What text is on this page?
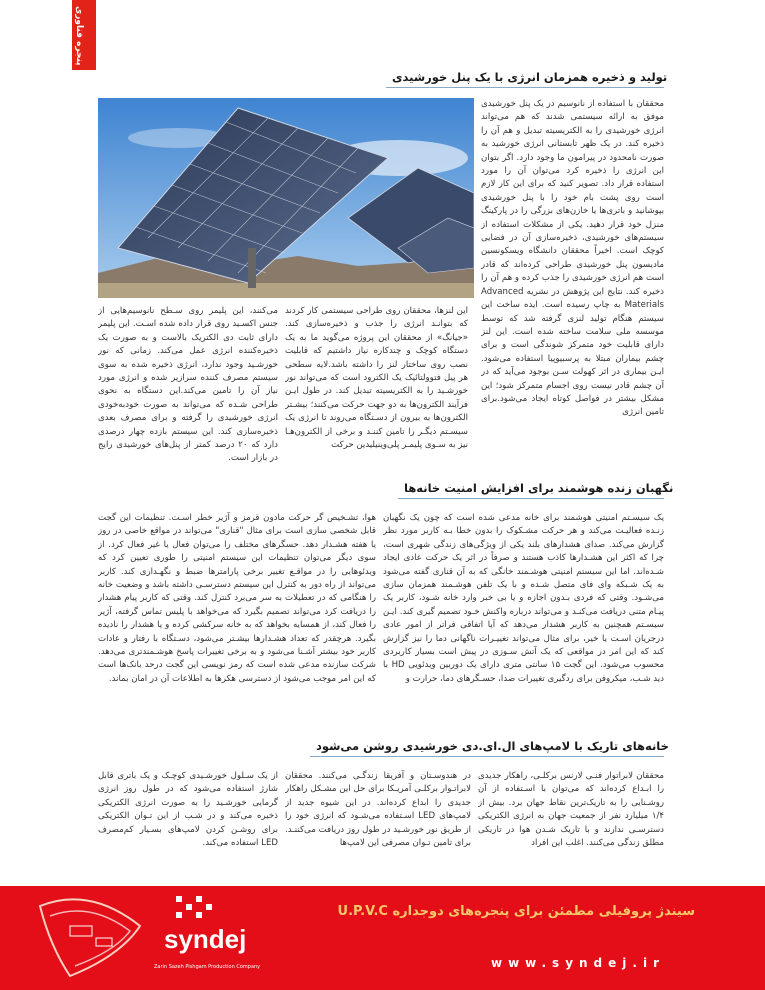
پنجره فناوری
تولید و ذخیره همزمان انرژی با یک پنل خورشیدی
محققان با استفاده از نانوسیم در یک پنل خورشیدی موفق به ارائه سیستمی شدند که هم می‌تواند انرژی خورشیدی را به الکتریسیته تبدیل و هم آن را ذخیره کند. در یک ظهر تابستانی انرژی خورشید به صورت نامحدود در پیرامون ما وجود دارد. اگر بتوان این انرژی را ذخیره کرد می‌توان آن را مورد استفاده قرار داد. تصویر کنید که برای این کار لازم است روی پشت بام خود را با پنل خورشیدی بپوشانید و باتری‌ها یا خازن‌های بزرگی را در پارکینگ منزل خود قرار دهید. یکی از مشکلات استفاده از سیستم‌های خورشیدی، ذخیره‌سازی آن در فضایی کوچک است. اخیراً محققان دانشگاه ویسکونسین مادیسون پنل خورشیدی طراحی کرده‌اند که قادر است هم انرژی خورشیدی را جذب کرده و هم آن را ذخیره کند. نتایج این پژوهش در نشریه Advanced Materials به چاپ رسیده است. ایده ساخت این سیستم هنگام تولید لنزی گرفته شد که توسط موسسه ملی سلامت ساخته شده است. این لنز دارای قابلیت خود متمرکز شوندگی است و برای چشم بیماران مبتلا به پرسبیوپیا استفاده می‌شود. ایـن بیماری در اثر کهولت سـن بوجود می‌آید که در آن چشم قادر نیست روی اجسام متمرکز شود؛ این مشکل بیشتر در فواصل کوتاه ایجاد می‌شود.برای تامین انرژی
این لنزها، محققان روی طراحی سیستمی کار کردند که بتوانـد انرژی را جذب و ذخیره‌سازی کند. «جیانگ» از محققان این پروژه می‌گوید ما به یک دستگاه کوچک و چندکاره نیاز داشتیم که قابلیت نصب روی ساختار لنز را داشته باشد.لایه سطحی هر پیل فتوولتائیک یک الکترود است که می‌تواند نور خورشـید را به الکتریسیته تبدیل کند. در طول ایـن فرآیند الکترون‌ها به دو جهت حرکت می‌کنند؛ بیشـتر الکترون‌ها به بیرون از دسـتگاه می‌روند تا انرژی یک سیسـتم دیگـر را تامین کننـد و برخی از الکترون‌هـا نیز به سـوی پلیمـر پلی‌وینیلیدین حرکت
می‌کنند، این پلیمر روی سـطح نانوسیم‌هایی از جنس اکسـید روی قرار داده شده اسـت. این پلیمر دارای ثابت دی الکتریک بالاست و به صورت یک ذخیره‌کننده انرژی عمل می‌کند. زمانی که نور خورشـید وجود ندارد، انرژی ذخیره شده به سوی سیستم مصرف کننده سرازیر شده و انرژی مورد نیاز آن را تامین می‌کند.این دستگاه به نحوی طراحی شـده که می‌تواند به صورت خودبه‌خودی انرژی خورشیدی را گرفته و برای مصرف بعدی ذخیره‌سازی کند. این سیستم بازده چهار درصدی دارد که ۲۰ درصد کمتر از پنل‌های خورشیدی رایج در بازار است.
نگهبان زنده هوشمند برای افزایش امنیت خانه‌ها
یک سیسـتم امنیتی هوشمند برای خانه مدعی شده است که چون یک نگهبان زنـده فعالیـت می‌کند و هر حرکت مشـکوک را بدون خطا بـه کاربر مورد نظر گزارش می‌کند. صدای هشدارهای بلند یکی از ویژگی‌های زندگی شهری است، چرا که اکثر این هشـدارها کاذب هستند و صرفاً در اثر یک حرکت عادی ایجاد شـده‌اند. اما این سیستم امنیتی هوشـمند خانگی که به آن قناری گفته می‌شود به یک شـبکه وای فای متصل شـده و با یک تلفن هوشـمند همزمان سازی می‌شـود. وقتی که فردی بـدون اجازه و یا بی خبر وارد خانه شـود، کاربر یک پیـام متنی دریافت می‌کنـد و می‌تواند درباره واکنش خـود تصمیم گیری کند. ایـن سیسـتم همچنین به کاربر هشدار می‌دهد که آیا اتفاقی فراتر از امور عادی درجریان اسـت یا خیر، برای مثال می‌تواند تغییـرات ناگهانی دما را نیز گزارش کند که این امر در مواقعی که یک آتش سـوزی در پیش است بسیار کاربردی محسوب می‌شود. این گجت ۱۵ سانتی متری دارای یک دوربین ویدئویی HD با دید شـب، میکروفن برای ردگیری تغییرات صدا، حسـگرهای دما، حرارت و
هوا، تشـخیص گر حرکت مادون قرمز و آژیر خطر اسـت. تنظیمات این گجت قابل شخصی سازی است برای مثال "قناری" می‌تواند در مواقع خاصی در روز یا هفته هشـدار دهد. حسگرهای مختلف را می‌توان فعال یا غیر فعال کرد. از سوی دیگر می‌توان تنظیمات این سیستم امنیتی را طوری تعیین کرد که ویدئوهایی را در مواقـع تغییر برخی پارامترها ضبط و نگهـداری کند. کاربر می‌تواند از راه دور به کنترل این سیستم دسترسـی داشته باشد و وضعیت خانه را هنگامی که در تعطیلات به سر می‌برد کنترل کند. وقتی که کاربر پیام هشدار را دریافت کرد می‌تواند تصمیم بگیرد که می‌خواهد با پلیس تماس گرفته، آژیر را فعال کند، از همسایه بخواهد که به خانه سرکشی کرده و یا هشدار را نادیده بگیرد. هرچقدر که تعداد هشـدارها بیشـتر می‌شود، دسـتگاه با رفتار و عادات کاربر خود بیشتر آشـنا می‌شود و به برخی تغییرات پاسخ هوشـمندتری می‌دهد. شرکت سازنده مدعی شده است که رمز نویسی این گجت درحد بانک‌ها است که این امر موجب می‌شود از دسترسی هکرها به اطلاعات آن در امان بماند.
خانه‌های تاریک با لامپ‌های ال.ای.دی خورشیدی روشن می‌شود
محققان لابراتوار فنـی لارنس برکلـی، راهکار جدیدی را ابـداع کرده‌اند که می‌توان با اسـتفاده از آن روشـنایی را به تاریک‌ترین نقاط جهان برد. بیش از ۱/۴ میلیارد نفر از جمعیت جهان به انرژی الکتریکی دسترسـی ندارند و با تاریک شـدن هوا در تاریکی مطلق زندگی می‌کنند. اغلب این افراد
در هندوسـتان و آفریقا زندگـی می‌کنند. محققان لابراتـوار برکلـی آمریـکا برای حل این مشـکل راهکار جدیدی را ابداع کرده‌اند. در این شیوه جدید از لامپ‌های LED اسـتفاده می‌شـود که انرژی خود را از طریق نور خورشـید در طول روز دریافت می‌کننـد. برای تامین تـوان مصرفی این لامپ‌ها
از یک سـلول خورشـیدی کوچـک و یک باتری قابل شارژ استفاده می‌شود که در طول روز انرژی گرمایی خورشـید را به صورت انرژی الکتریکی ذخیره می‌کند و در شـب از این تـوان الکتریکی برای روشـن کردن لامپ‌های بسـیار کم‌مصرف LED استفاده می‌کند.
syndej
Zarin Sazeh Pishgam Production Company
سیندژ پروفیلی مطمئن برای پنجره‌های دوجداره U.P.V.C
www.syndej.ir
